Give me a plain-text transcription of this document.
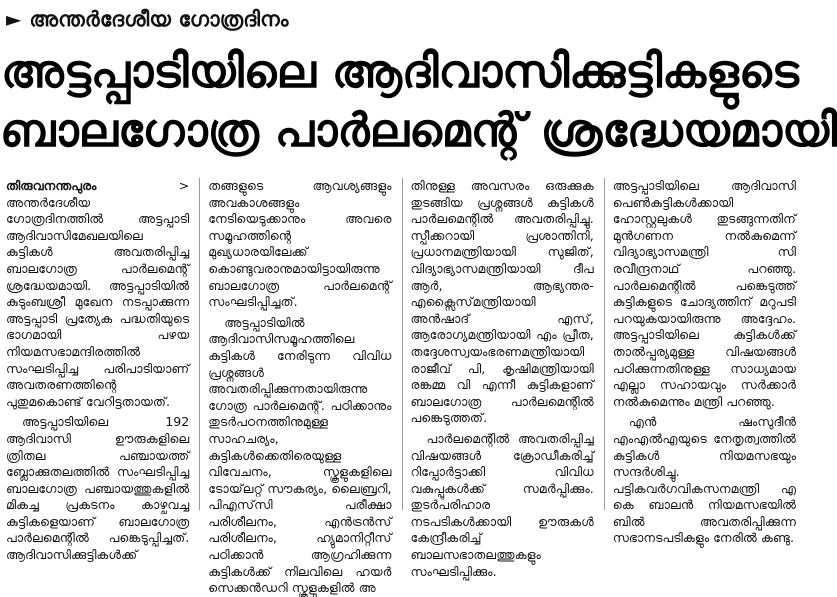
► അന്തർദേശീയ ഗോത്രദിനം
അട്ടപ്പാടിയിലെ ആദിവാസിക്കുട്ടികളുടെ
ബാലഗോത്ര പാർലമെന്റ് ശ്രദ്ധേയമായി

തിരുവനന്തപുരം > അന്തർദേശീയ ഗോത്രദിനത്തിൽ അട്ടപ്പാടി ആദിവാസിമേഖലയിലെ കുട്ടികൾ അവതരിപ്പിച്ച ബാലഗോത്ര പാർലമെന്റ് ശ്രദ്ധേയമായി. അട്ടപ്പാടിയിൽ കുടുംബശ്രീ മുഖേന നടപ്പാക്കുന്ന അട്ടപ്പാടി പ്രത്യേക പദ്ധതിയുടെ ഭാഗമായി പഴയ നിയമസഭാമന്ദിരത്തിൽ സംഘടിപ്പിച്ച പരിപാടിയാണ് അവതരണത്തിന്റെ പുതുമകൊണ്ട് വേറിട്ടതായത്.

അട്ടപ്പാടിയിലെ 192 ആദിവാസി ഊരുകളിലെ ത്രിതല പഞ്ചായത്ത് ബ്ലോക്കുതലത്തിൽ സംഘടിപ്പിച്ച ബാലഗോത്ര പഞ്ചായത്തുകളിൽ മികച്ച പ്രകടനം കാഴ്ചവച്ച കുട്ടികളെയാണ് ബാലഗോത്ര പാർലമെന്റിൽ പങ്കെടുപ്പിച്ചത്. ആദിവാസിക്കുട്ടികൾക്ക്

തങ്ങളുടെ ആവശ്യങ്ങളും അവകാശങ്ങളും നേടിയെടുക്കാനും അവരെ സമൂഹത്തിന്റെ മുഖ്യധാരയിലേക്ക് കൊണ്ടുവരാനുമായിട്ടായിരുന്നു ബാലഗോത്ര പാർലമെന്റ് സംഘടിപ്പിച്ചത്.

അട്ടപ്പാടിയിൽ ആദിവാസിസമൂഹത്തിലെ കുട്ടികൾ നേരിടുന്ന വിവിധ പ്രശ്നങ്ങൾ അവതരിപ്പിക്കുന്നതായിരുന്നു ഗോത്ര പാർലമെന്റ്. പഠിക്കാനും തുടർപഠനത്തിനുമുള്ള സാഹചര്യം, കുട്ടികൾക്കെതിരെയുള്ള വിവേചനം, സ്കൂളുകളിലെ ടോയ്‌ലറ്റ് സൗകര്യം, ലൈബ്രറി, പിഎസ്‌സി പരീക്ഷാ പരിശീലനം, എൻട്രൻസ് പരിശീലനം, ഹ്യുമാനിറ്റീസ് പഠിക്കാൻ ആഗ്രഹിക്കുന്ന കുട്ടികൾക്ക് നിലവിലെ ഹയർ സെക്കൻഡറി സ്കൂളുകളിൽ അ

തിനുള്ള അവസരം ഒരുക്കുക തുടങ്ങിയ പ്രശ്നങ്ങൾ കുട്ടികൾ പാർലമെന്റിൽ അവതരിപ്പിച്ചു. സ്പീക്കറായി പ്രശാന്തിനി, പ്രധാനമന്ത്രിയായി സുജിത്, വിദ്യാഭ്യാസമന്ത്രിയായി ദീപ ആർ, ആഭ്യന്തര- എക്സൈസ്‌മന്ത്രിയായി അൻഷാദ് എസ്, ആരോഗ്യമന്ത്രിയായി എം പ്രീത, തദ്ദേശസ്വയംഭരണമന്ത്രിയായി രാജീവ് പി, കൃഷിമന്ത്രിയായി രങ്കമ്മ വി എന്നീ കുട്ടികളാണ് ബാലഗോത്ര പാർലമെന്റിൽ പങ്കെടുത്തത്.

പാർലമെന്റിൽ അവതരിപ്പിച്ച വിഷയങ്ങൾ ക്രോഡീകരിച്ച് റിപ്പോർട്ടാക്കി വിവിധ വകുപ്പുകൾക്ക് സമർപ്പിക്കും. തുടർപരിഹാര നടപടികൾക്കായി ഊരുകൾ കേന്ദ്രീകരിച്ച് ബാലസഭാതലത്തുകളും സംഘടിപ്പിക്കും.

അട്ടപ്പാടിയിലെ ആദിവാസി പെൺകുട്ടികൾക്കായി ഹോസ്റ്റലുകൾ തുടങ്ങുന്നതിന് മുൻഗണന നൽകുമെന്ന് വിദ്യാഭ്യാസമന്ത്രി സി രവീന്ദ്രനാഥ് പറഞ്ഞു. പാർലമെന്റിൽ പങ്കെടുത്ത് കുട്ടികളുടെ ചോദ്യത്തിന് മറുപടി പറയുകയായിരുന്നു അദ്ദേഹം. അട്ടപ്പാടിയിലെ കുട്ടികൾക്ക് താൽപ്പര്യമുള്ള വിഷയങ്ങൾ പഠിക്കുന്നതിനുള്ള സാധ്യമായ എല്ലാ സഹായവും സർക്കാർ നൽകുമെന്നും മന്ത്രി പറഞ്ഞു.

എൻ ഷംസുദീൻ എംഎൽഎയുടെ നേതൃത്വത്തിൽ കുട്ടികൾ നിയമസഭയും സന്ദർശിച്ചു. പട്ടികവർഗവികസനമന്ത്രി എ കെ ബാലൻ നിയമസഭയിൽ ബിൽ അവതരിപ്പിക്കുന്ന സഭാനടപടികളും നേരിൽ കണ്ടു.
